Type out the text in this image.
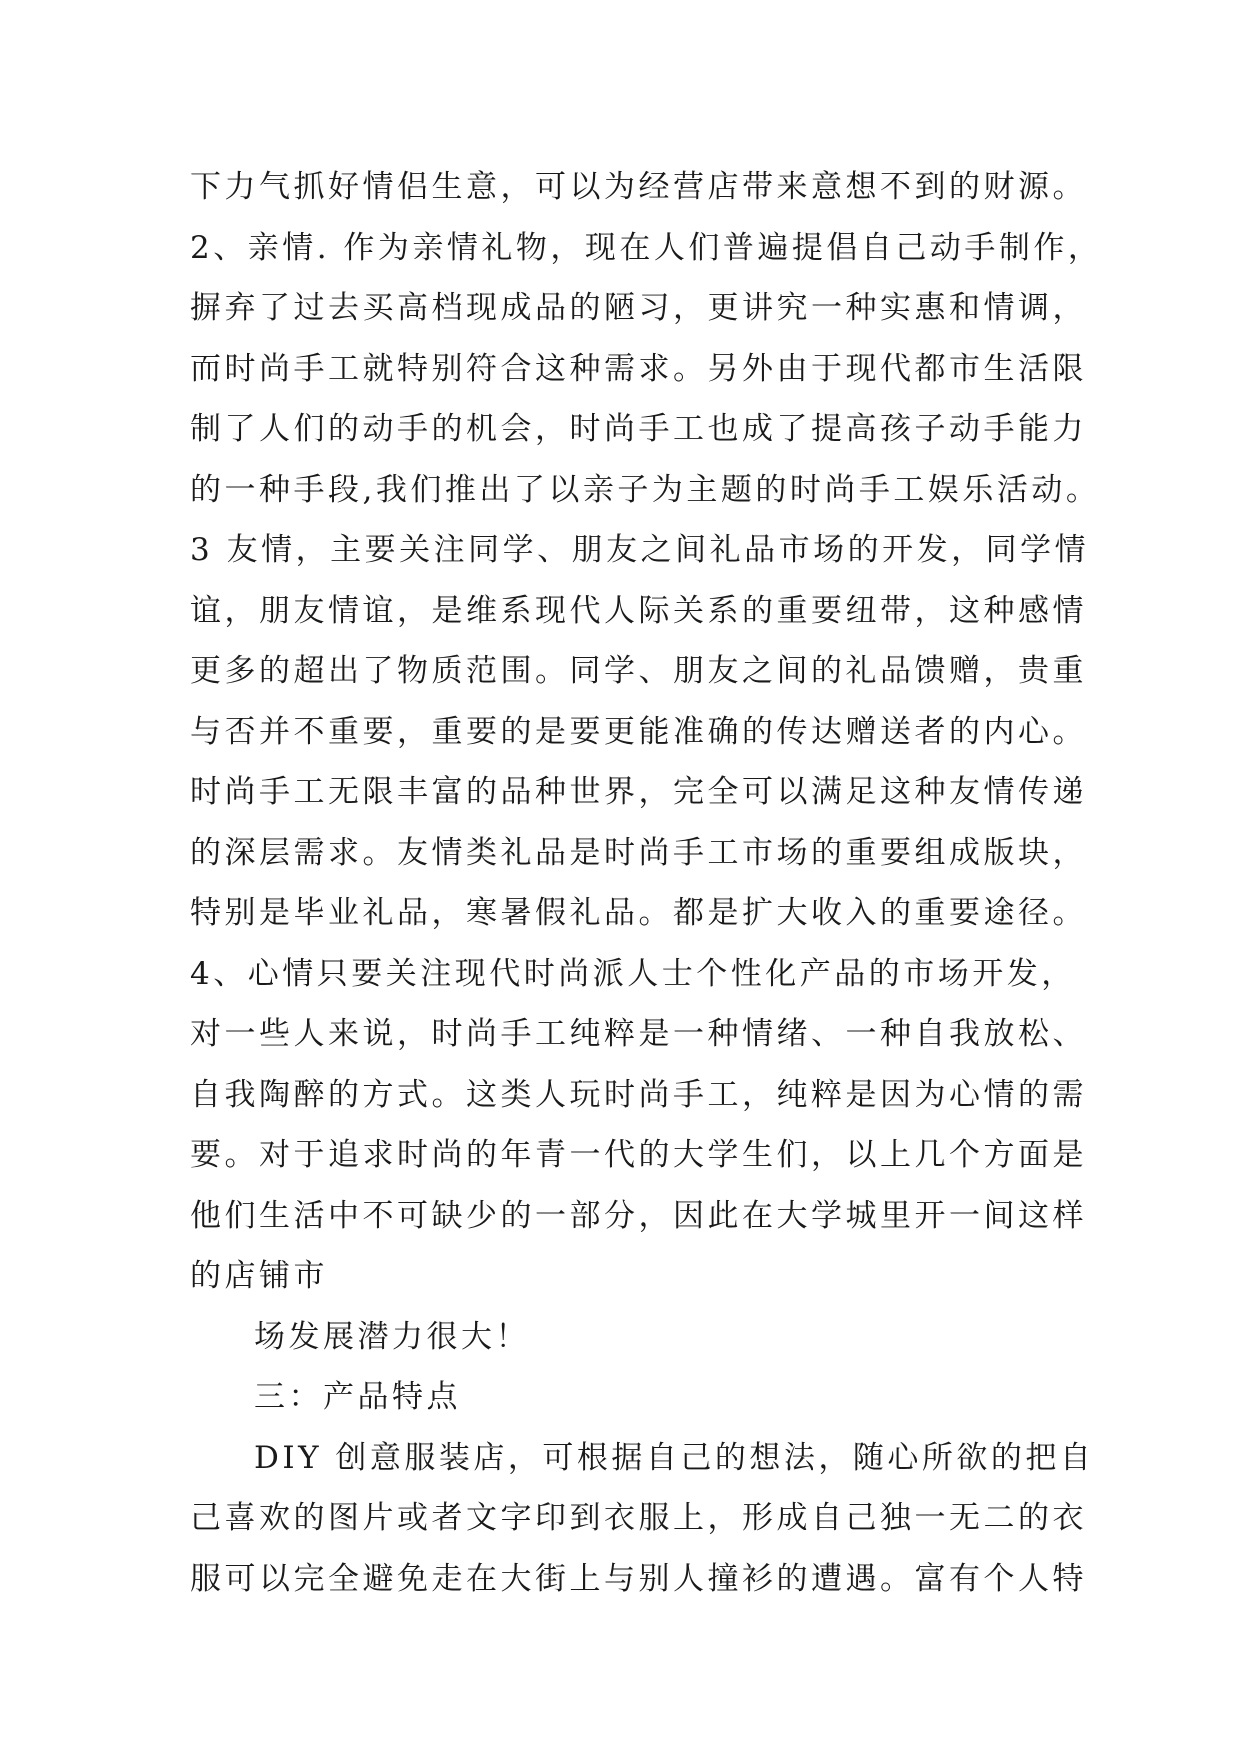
下力气抓好情侣生意，可以为经营店带来意想不到的财源。
2、亲情. 作为亲情礼物，现在人们普遍提倡自己动手制作，
摒弃了过去买高档现成品的陋习，更讲究一种实惠和情调，
而时尚手工就特别符合这种需求。另外由于现代都市生活限
制了人们的动手的机会，时尚手工也成了提高孩子动手能力
的一种手段,我们推出了以亲子为主题的时尚手工娱乐活动。
3 友情，主要关注同学、朋友之间礼品市场的开发，同学情
谊，朋友情谊，是维系现代人际关系的重要纽带，这种感情
更多的超出了物质范围。同学、朋友之间的礼品馈赠，贵重
与否并不重要，重要的是要更能准确的传达赠送者的内心。
时尚手工无限丰富的品种世界，完全可以满足这种友情传递
的深层需求。友情类礼品是时尚手工市场的重要组成版块，
特别是毕业礼品，寒暑假礼品。都是扩大收入的重要途径。
4、心情只要关注现代时尚派人士个性化产品的市场开发，
对一些人来说，时尚手工纯粹是一种情绪、一种自我放松、
自我陶醉的方式。这类人玩时尚手工，纯粹是因为心情的需
要。对于追求时尚的年青一代的大学生们，以上几个方面是
他们生活中不可缺少的一部分，因此在大学城里开一间这样
的店铺市
场发展潜力很大！
三：产品特点
DIY 创意服装店，可根据自己的想法，随心所欲的把自
己喜欢的图片或者文字印到衣服上，形成自己独一无二的衣
服可以完全避免走在大街上与别人撞衫的遭遇。富有个人特
